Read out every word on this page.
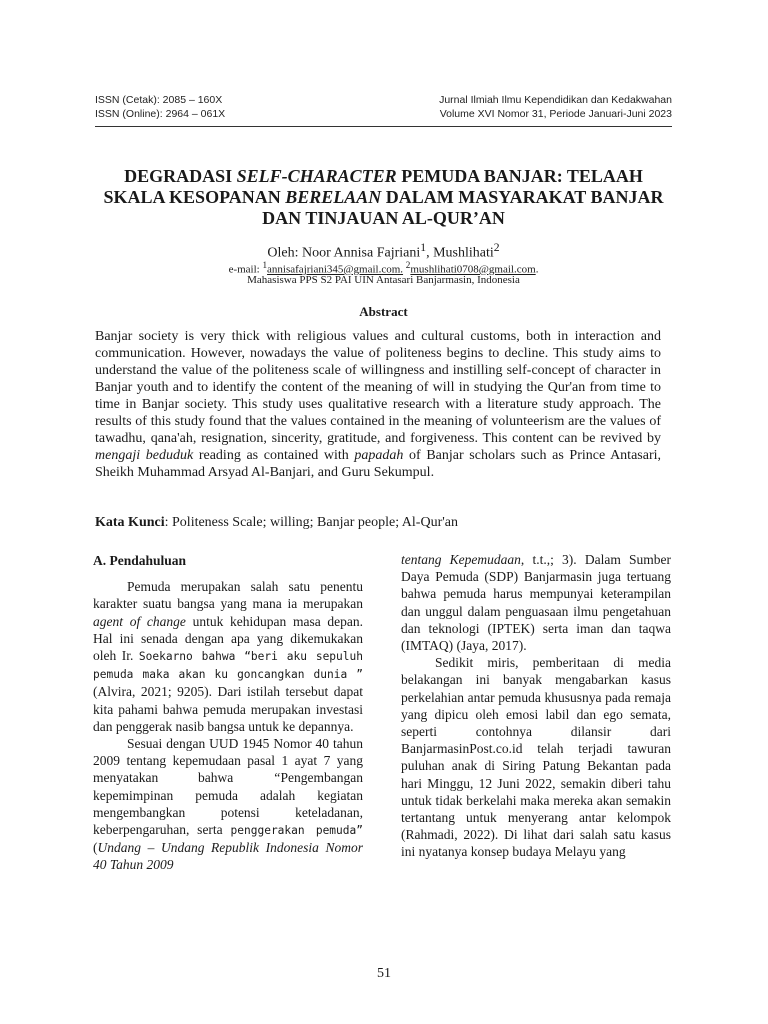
ISSN (Cetak): 2085 – 160X	Jurnal Ilmiah Ilmu Kependidikan dan Kedakwahan
ISSN (Online): 2964 – 061X	Volume XVI Nomor 31, Periode Januari-Juni 2023
DEGRADASI SELF-CHARACTER PEMUDA BANJAR: TELAAH SKALA KESOPANAN BERELAAN DALAM MASYARAKAT BANJAR DAN TINJAUAN AL-QUR’AN
Oleh: Noor Annisa Fajriani$^1$, Mushlihati$^2$
e-mail: $^1$annisafajriani345@gmail.com. $^2$mushlihati0708@gmail.com.
Mahasiswa PPS S2 PAI UIN Antasari Banjarmasin, Indonesia
Abstract

Banjar society is very thick with religious values and cultural customs, both in interaction and communication. However, nowadays the value of politeness begins to decline. This study aims to understand the value of the politeness scale of willingness and instilling self-concept of character in Banjar youth and to identify the content of the meaning of will in studying the Qur'an from time to time in Banjar society. This study uses qualitative research with a literature study approach. The results of this study found that the values contained in the meaning of volunteerism are the values of tawadhu, qana'ah, resignation, sincerity, gratitude, and forgiveness. This content can be revived by mengaji beduduk reading as contained with papadah of Banjar scholars such as Prince Antasari, Sheikh Muhammad Arsyad Al-Banjari, and Guru Sekumpul.

Kata Kunci: Politeness Scale; willing; Banjar people; Al-Qur'an
A. Pendahuluan

Pemuda merupakan salah satu penentu karakter suatu bangsa yang mana ia merupakan agent of change untuk kehidupan masa depan. Hal ini senada dengan apa yang dikemukakan oleh Ir. Soekarno bahwa “beri aku sepuluh pemuda maka akan ku goncangkan dunia ” (Alvira, 2021; 9205). Dari istilah tersebut dapat kita pahami bahwa pemuda merupakan investasi dan penggerak nasib bangsa untuk ke depannya.

Sesuai dengan UUD 1945 Nomor 40 tahun 2009 tentang kepemudaan pasal 1 ayat 7 yang menyatakan bahwa “Pengembangan kepemimpinan pemuda adalah kegiatan mengembangkan potensi keteladanan, keberpengaruhan, serta penggerakan pemuda” (Undang – Undang Republik Indonesia Nomor 40 Tahun 2009

tentang Kepemudaan, t.t.,; 3). Dalam Sumber Daya Pemuda (SDP) Banjarmasin juga tertuang bahwa pemuda harus mempunyai keterampilan dan unggul dalam penguasaan ilmu pengetahuan dan teknologi (IPTEK) serta iman dan taqwa (IMTAQ) (Jaya, 2017).

Sedikit miris, pemberitaan di media belakangan ini banyak mengabarkan kasus perkelahian antar pemuda khususnya pada remaja yang dipicu oleh emosi labil dan ego semata, seperti contohnya dilansir dari BanjarmasinPost.co.id telah terjadi tawuran puluhan anak di Siring Patung Bekantan pada hari Minggu, 12 Juni 2022, semakin diberi tahu untuk tidak berkelahi maka mereka akan semakin tertantang untuk menyerang antar kelompok (Rahmadi, 2022). Di lihat dari salah satu kasus ini nyatanya konsep budaya Melayu yang

51
